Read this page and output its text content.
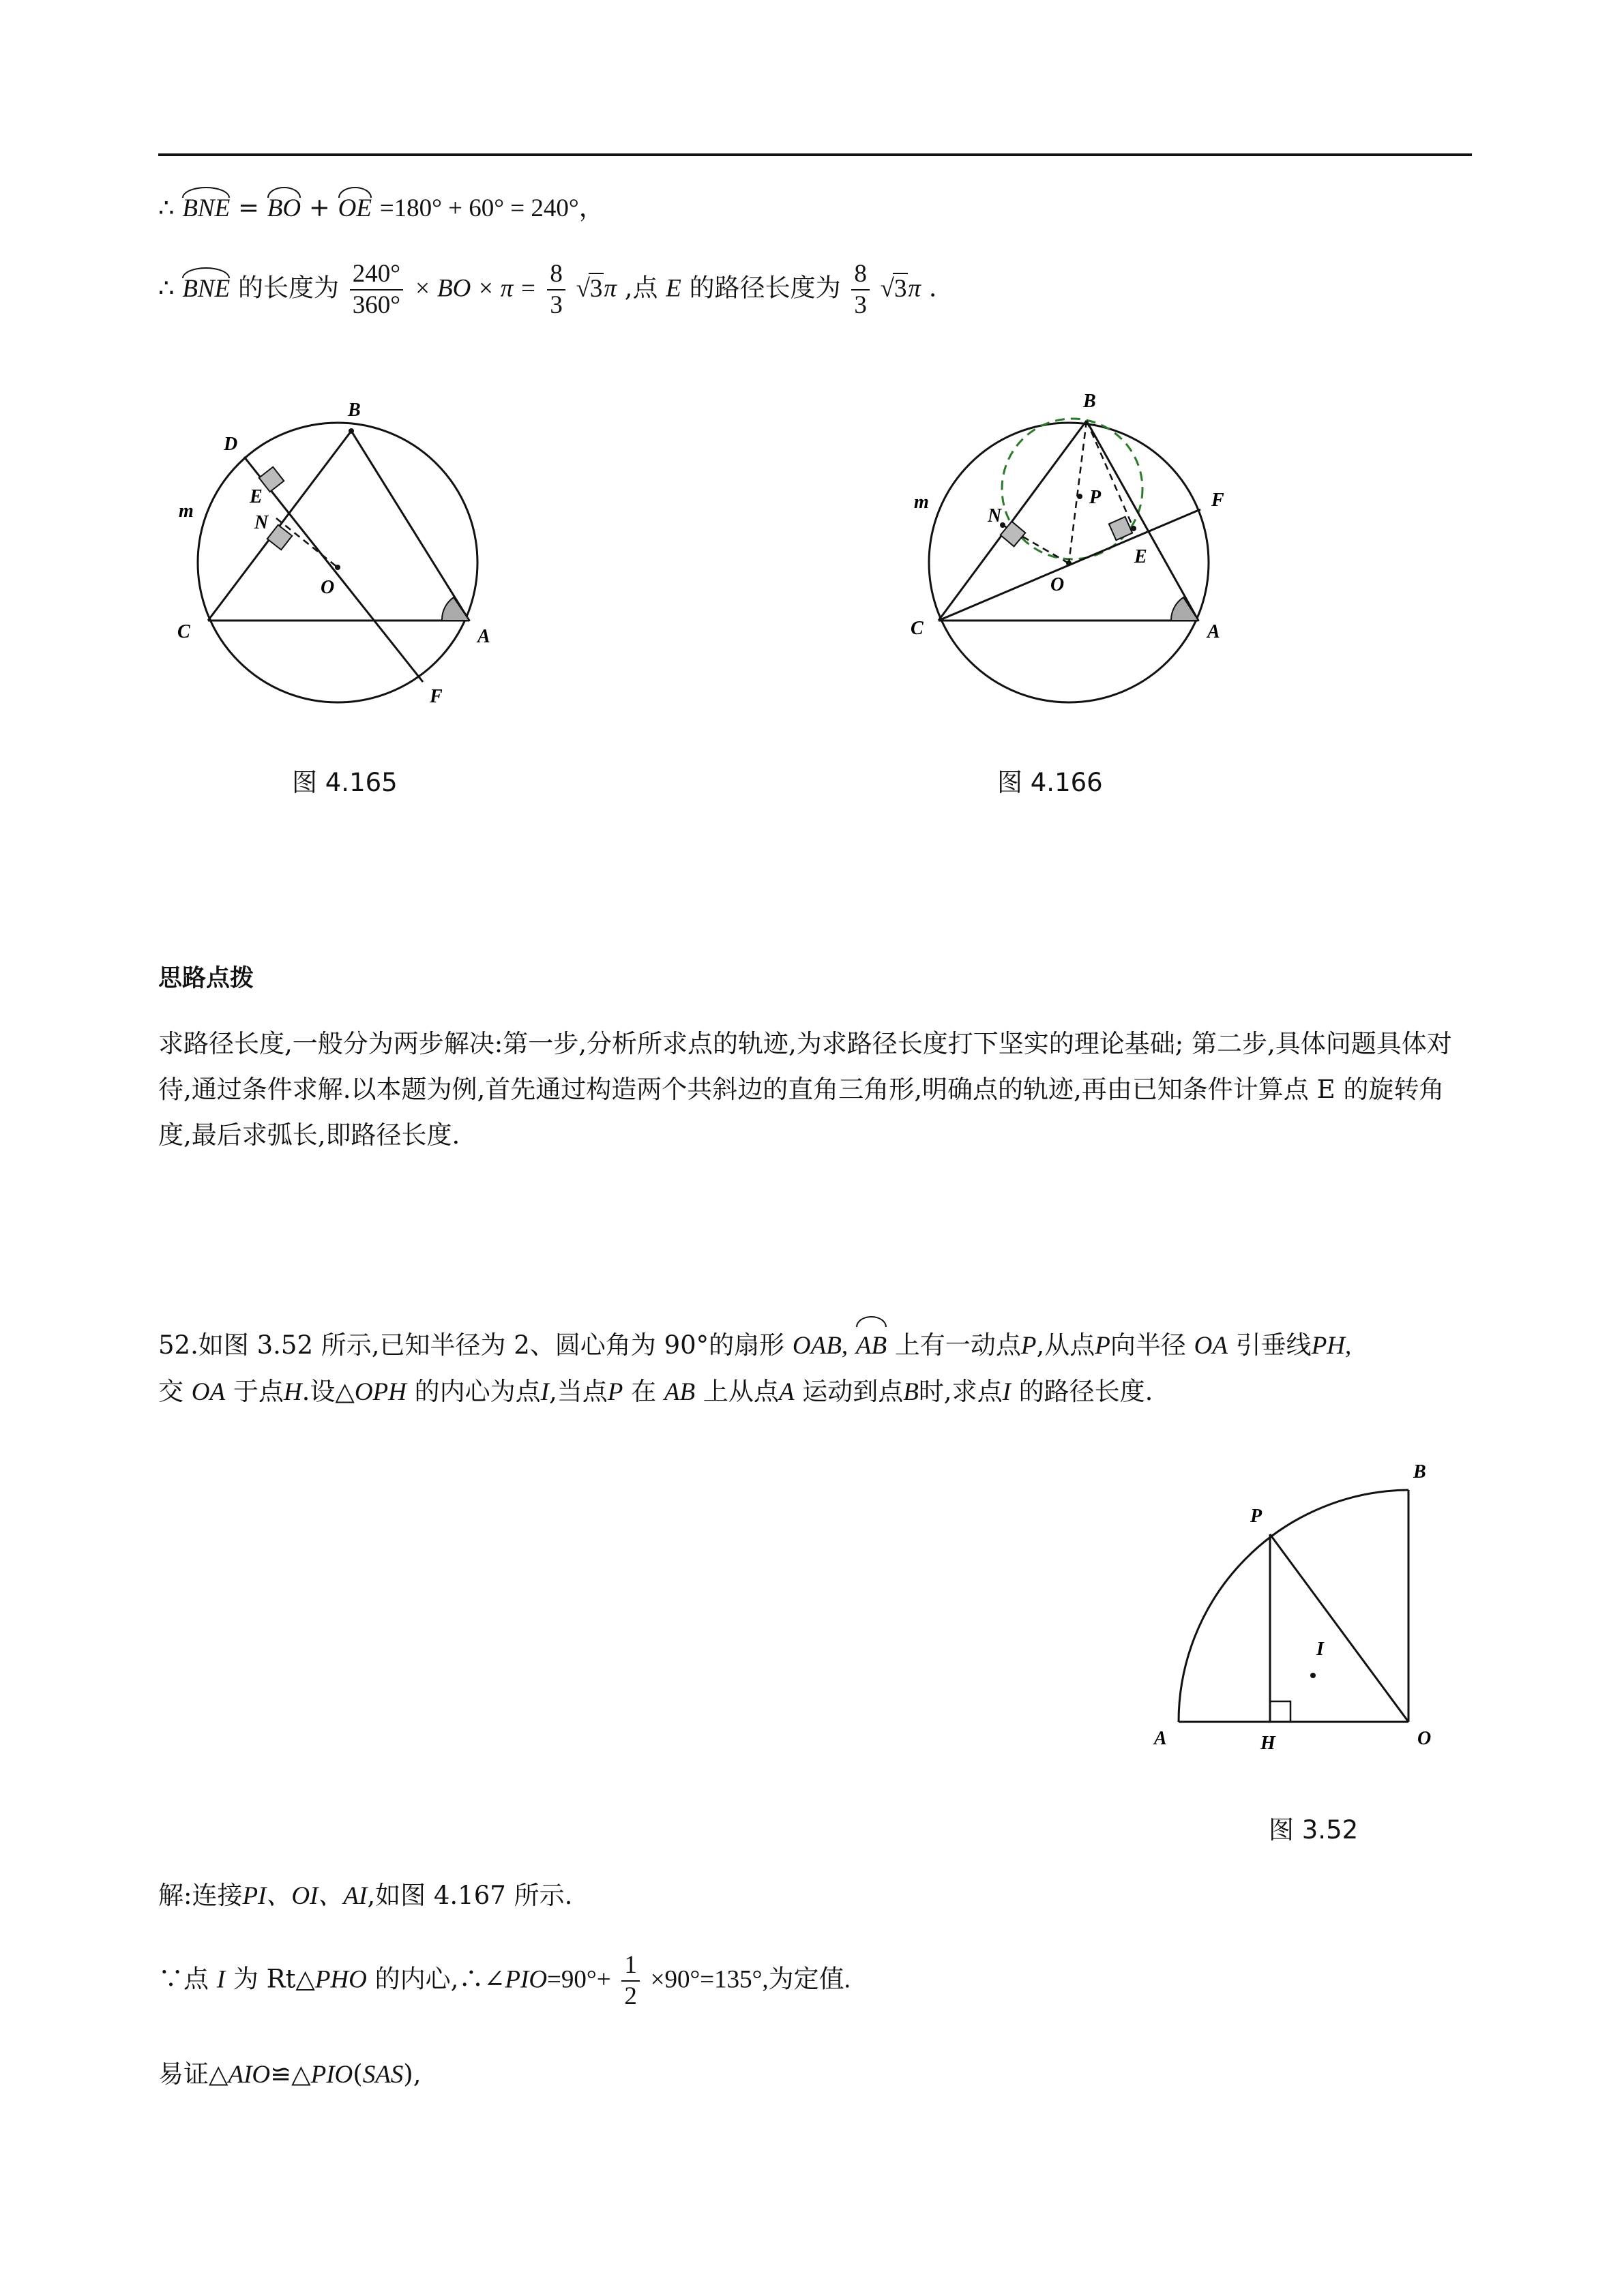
∴ BNE = BO + OE =180° + 60° = 240°，
∴ BNE 的长度为 $\frac{240^\circ}{360^\circ}$ × BO × $\pi = \frac{8}{3} √3\pi$ ,点 E 的路径长度为 $\frac{8}{3} √3\pi$ .
B
D
E
m
N
O
C	A
F
B
F
m
N
P
E
O
C	A
图 4.165	图 4.166
思路点拨
求路径长度,一般分为两步解决:第一步,分析所求点的轨迹,为求路径长度打下坚实的理论基础; 第二步,具体问题具体对待,通过条件求解.以本题为例,首先通过构造两个共斜边的直角三角形,明确点的轨迹,再由已知条件计算点 E 的旋转角度,最后求弧长,即路径长度.
52.如图 3.52 所示,已知半径为 2、圆心角为 90°的扇形 OAB, AB 上有一动点P,从点P向半径 OA 引垂线PH,
交 OA 于点H.设△OPH 的内心为点I,当点P 在 AB 上从点A 运动到点B时,求点I 的路径长度.
B
P
I
A	H	O
图 3.52
解:连接PI、OI、AI,如图 4.167 所示.
∵点 I 为 Rt△PHO 的内心,∴∠PIO=90°+ $\frac{1}{2} \times 90^\circ=135^\circ$,为定值.
易证△AIO≌△PIO(SAS),
